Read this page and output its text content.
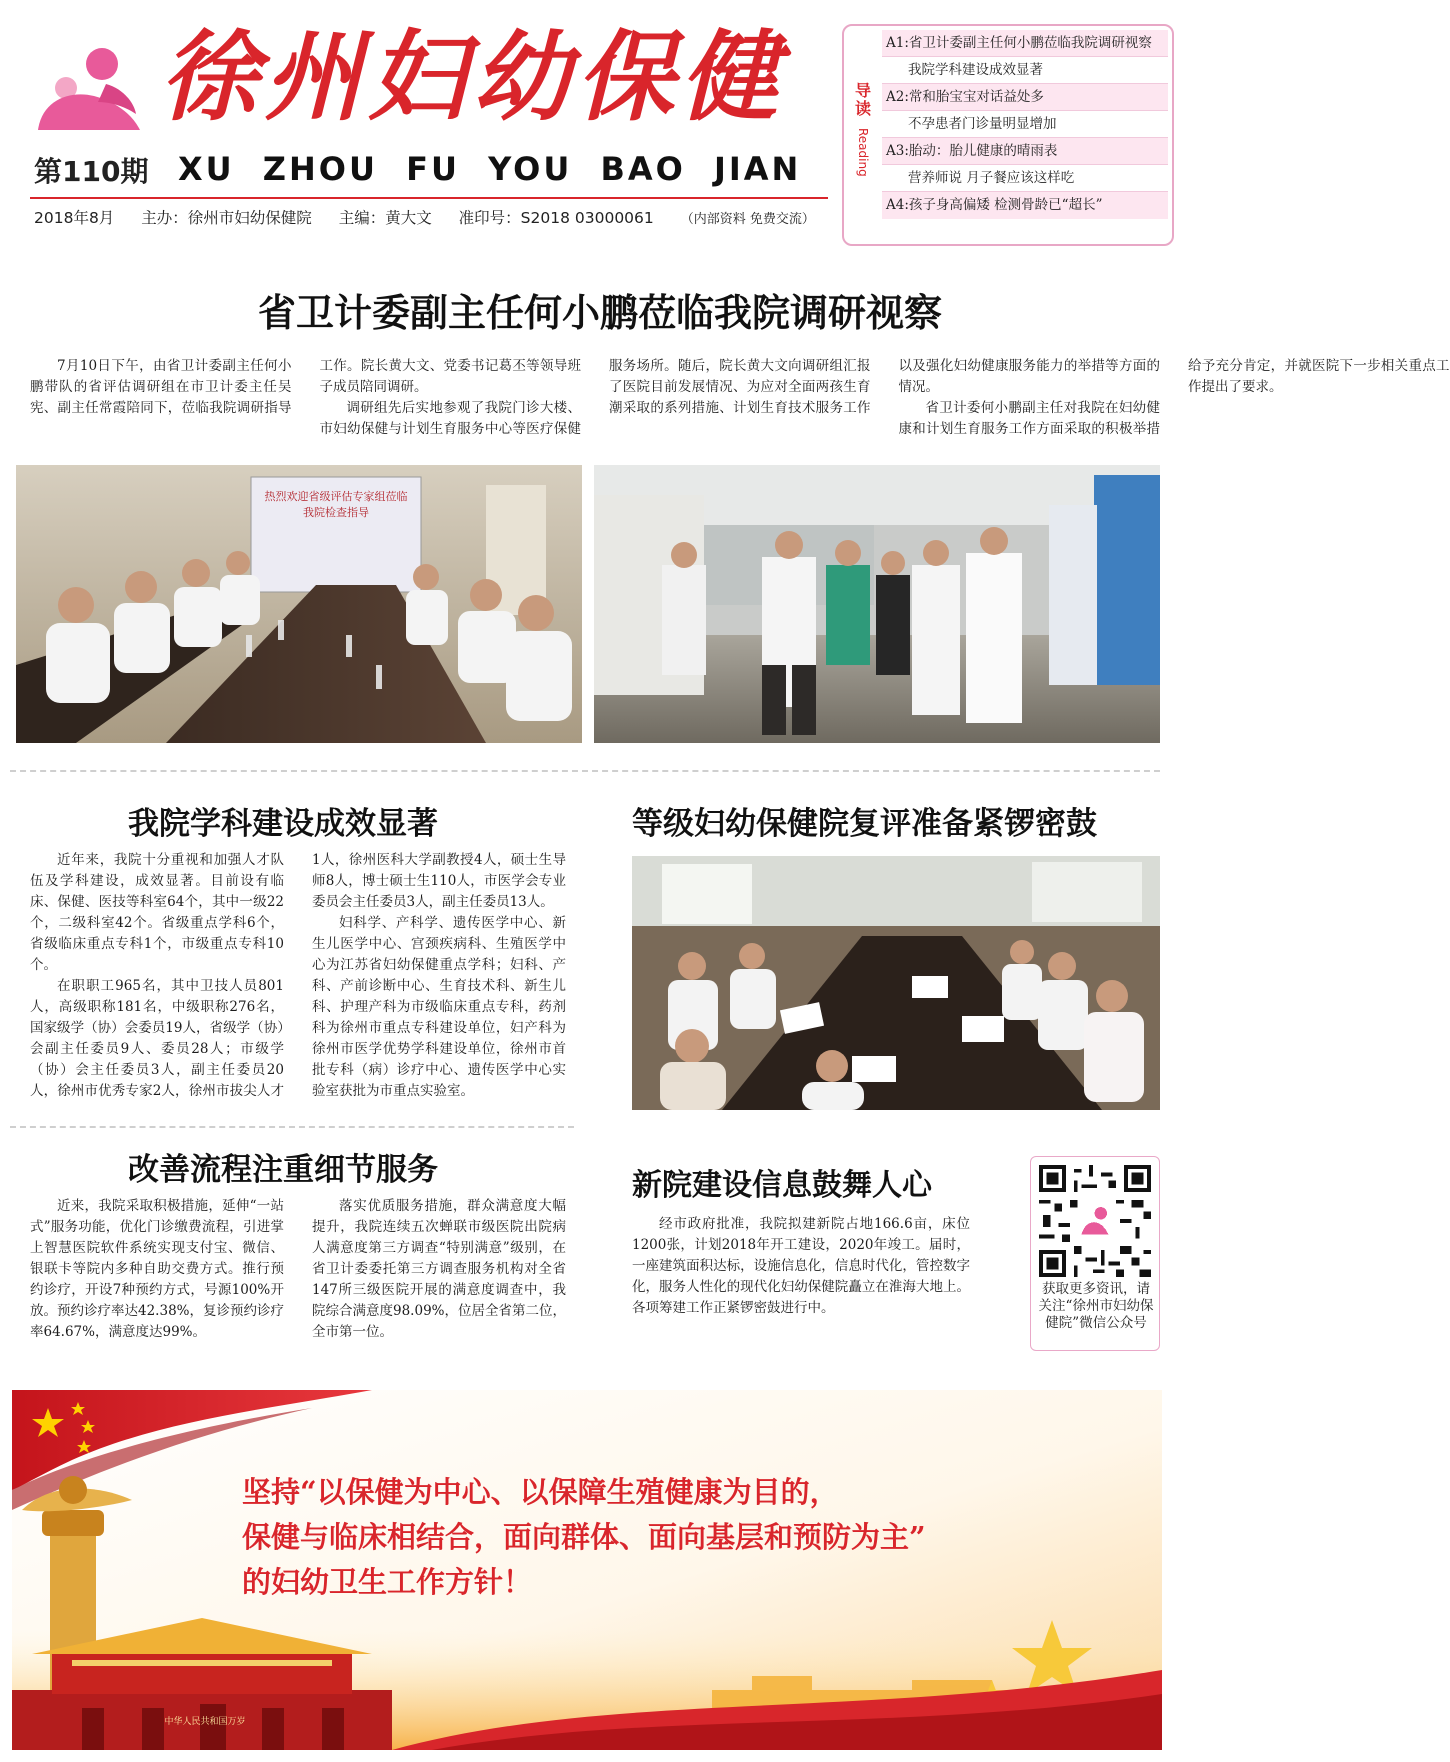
徐州妇幼保健
第110期 XU ZHOU FU YOU BAO JIAN
2018年8月 主办：徐州市妇幼保健院 主编：黄大文 准印号：S2018 03000061 （内部资料 免费交流）
导读
Reading
A1:省卫计委副主任何小鹏莅临我院调研视察
我院学科建设成效显著
A2:常和胎宝宝对话益处多
不孕患者门诊量明显增加
A3:胎动：胎儿健康的晴雨表
营养师说 月子餐应该这样吃
A4:孩子身高偏矮 检测骨龄已“超长”
省卫计委副主任何小鹏莅临我院调研视察

7月10日下午，由省卫计委副主任何小鹏带队的省评估调研组在市卫计委主任吴宪、副主任常霞陪同下，莅临我院调研指导工作。院长黄大文、党委书记葛丕等领导班子成员陪同调研。

调研组先后实地参观了我院门诊大楼、市妇幼保健与计划生育服务中心等医疗保健服务场所。随后，院长黄大文向调研组汇报了医院目前发展情况、为应对全面两孩生育潮采取的系列措施、计划生育技术服务工作以及强化妇幼健康服务能力的举措等方面的情况。

省卫计委何小鹏副主任对我院在妇幼健康和计划生育服务工作方面采取的积极举措给予充分肯定，并就医院下一步相关重点工作提出了要求。

热烈欢迎省级评估专家组莅临我院检查指导
我院学科建设成效显著

近年来，我院十分重视和加强人才队伍及学科建设，成效显著。目前设有临床、保健、医技等科室64个，其中一级22个，二级科室42个。省级重点学科6个，省级临床重点专科1个，市级重点专科10个。

在职职工965名，其中卫技人员801人，高级职称181名，中级职称276名，国家级学（协）会委员19人，省级学（协）会副主任委员9人、委员28人；市级学（协）会主任委员3人，副主任委员20人，徐州市优秀专家2人，徐州市拔尖人才1人，徐州医科大学副教授4人，硕士生导师8人，博士硕士生110人，市医学会专业委员会主任委员3人，副主任委员13人。

妇科学、产科学、遗传医学中心、新生儿医学中心、宫颈疾病科、生殖医学中心为江苏省妇幼保健重点学科；妇科、产科、产前诊断中心、生育技术科、新生儿科、护理产科为市级临床重点专科，药剂科为徐州市重点专科建设单位，妇产科为徐州市医学优势学科建设单位，徐州市首批专科（病）诊疗中心、遗传医学中心实验室获批为市重点实验室。

等级妇幼保健院复评准备紧锣密鼓
改善流程注重细节服务

近来，我院采取积极措施，延伸“一站式”服务功能，优化门诊缴费流程，引进掌上智慧医院软件系统实现支付宝、微信、银联卡等院内多种自助交费方式。推行预约诊疗，开设7种预约方式，号源100%开放。预约诊疗率达42.38%，复诊预约诊疗率64.67%，满意度达99%。

落实优质服务措施，群众满意度大幅提升，我院连续五次蝉联市级医院出院病人满意度第三方调查“特别满意”级别，在省卫计委委托第三方调查服务机构对全省147所三级医院开展的满意度调查中，我院综合满意度98.09%，位居全省第二位，全市第一位。

新院建设信息鼓舞人心

经市政府批准，我院拟建新院占地166.6亩，床位1200张，计划2018年开工建设，2020年竣工。届时，一座建筑面积达标，设施信息化，信息时代化，管控数字化，服务人性化的现代化妇幼保健院矗立在淮海大地上。各项筹建工作正紧锣密鼓进行中。

获取更多资讯，请关注“徐州市妇幼保健院”微信公众号
坚持“以保健为中心、以保障生殖健康为目的，
保健与临床相结合，面向群体、面向基层和预防为主”
的妇幼卫生工作方针！
中华人民共和国万岁
